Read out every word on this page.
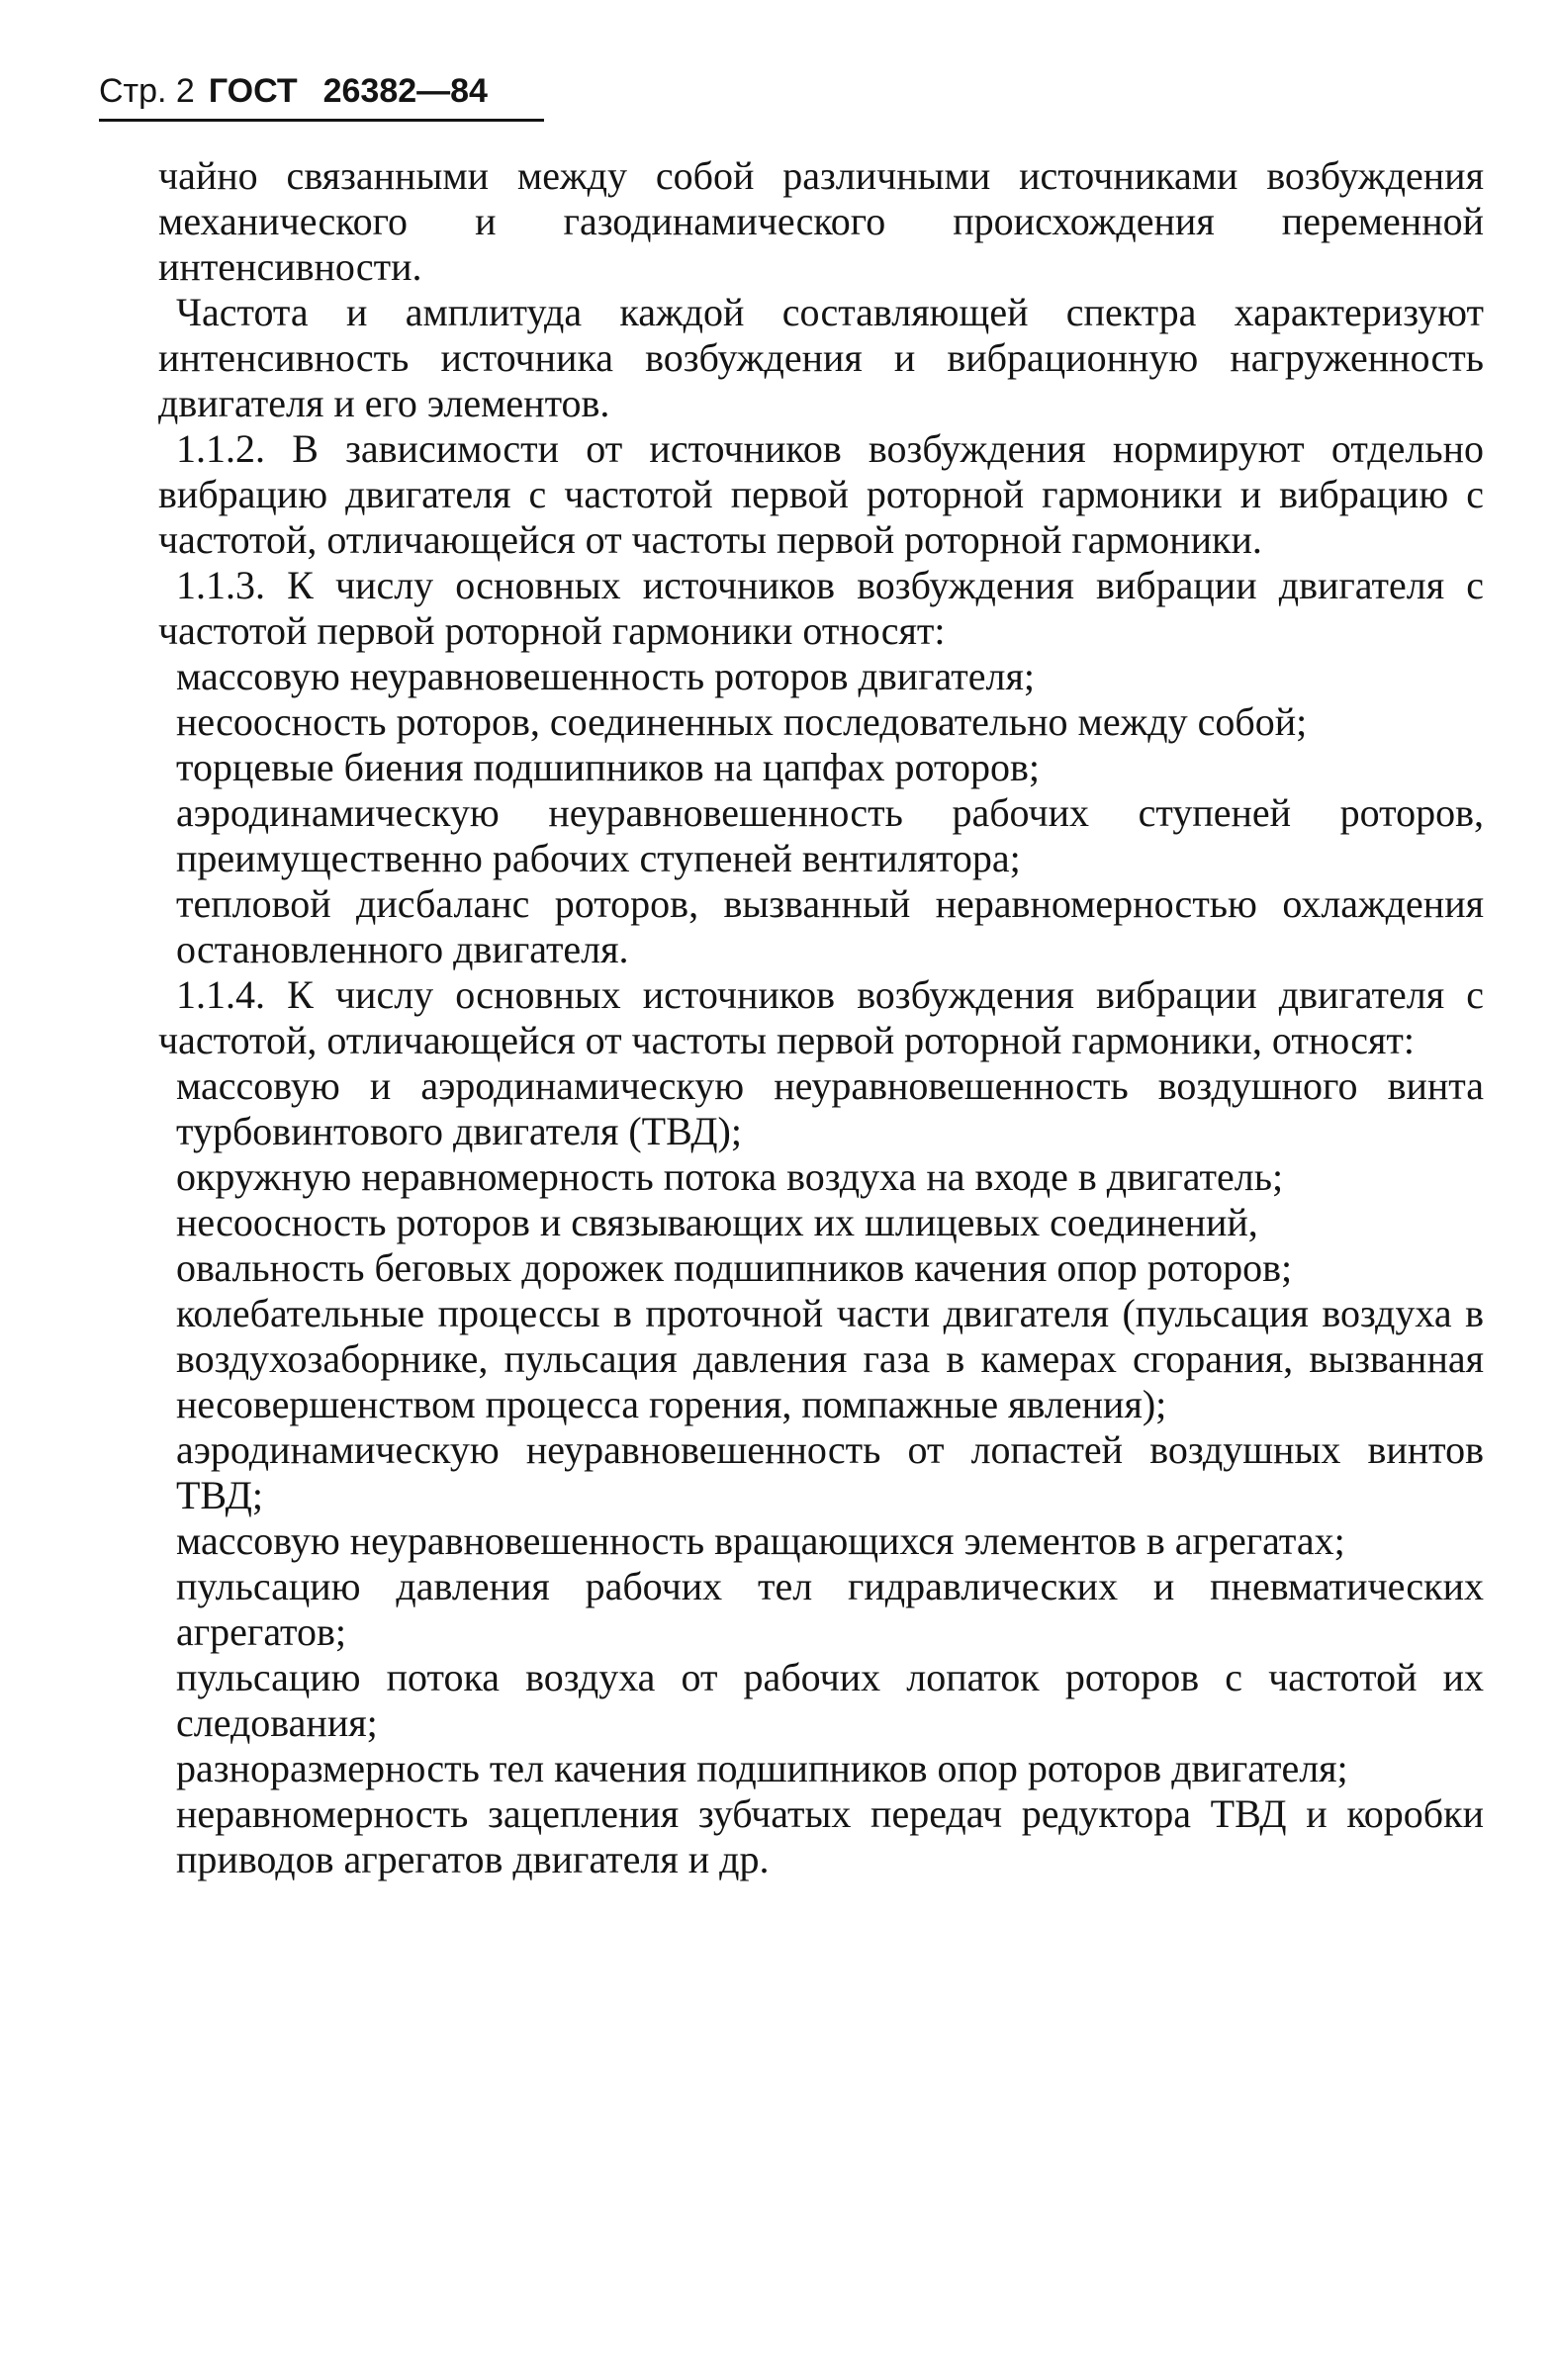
Стр. 2 ГОСТ 26382—84

чайно связанными между собой различными источниками возбуждения механического и газодинамического происхождения переменной интенсивности.

Частота и амплитуда каждой составляющей спектра характеризуют интенсивность источника возбуждения и вибрационную нагруженность двигателя и его элементов.

1.1.2. В зависимости от источников возбуждения нормируют отдельно вибрацию двигателя с частотой первой роторной гармоники и вибрацию с частотой, отличающейся от частоты первой роторной гармоники.

1.1.3. К числу основных источников возбуждения вибрации двигателя с частотой первой роторной гармоники относят:

массовую неуравновешенность роторов двигателя;

несоосность роторов, соединенных последовательно между собой;

торцевые биения подшипников на цапфах роторов;

аэродинамическую неуравновешенность рабочих ступеней роторов, преимущественно рабочих ступеней вентилятора;

тепловой дисбаланс роторов, вызванный неравномерностью охлаждения остановленного двигателя.

1.1.4. К числу основных источников возбуждения вибрации двигателя с частотой, отличающейся от частоты первой роторной гармоники, относят:

массовую и аэродинамическую неуравновешенность воздушного винта турбовинтового двигателя (ТВД);

окружную неравномерность потока воздуха на входе в двигатель;

несоосность роторов и связывающих их шлицевых соединений,

овальность беговых дорожек подшипников качения опор роторов;

колебательные процессы в проточной части двигателя (пульсация воздуха в воздухозаборнике, пульсация давления газа в камерах сгорания, вызванная несовершенством процесса горения, помпажные явления);

аэродинамическую неуравновешенность от лопастей воздушных винтов ТВД;

массовую неуравновешенность вращающихся элементов в агрегатах;

пульсацию давления рабочих тел гидравлических и пневматических агрегатов;

пульсацию потока воздуха от рабочих лопаток роторов с частотой их следования;

разноразмерность тел качения подшипников опор роторов двигателя;

неравномерность зацепления зубчатых передач редуктора ТВД и коробки приводов агрегатов двигателя и др.
